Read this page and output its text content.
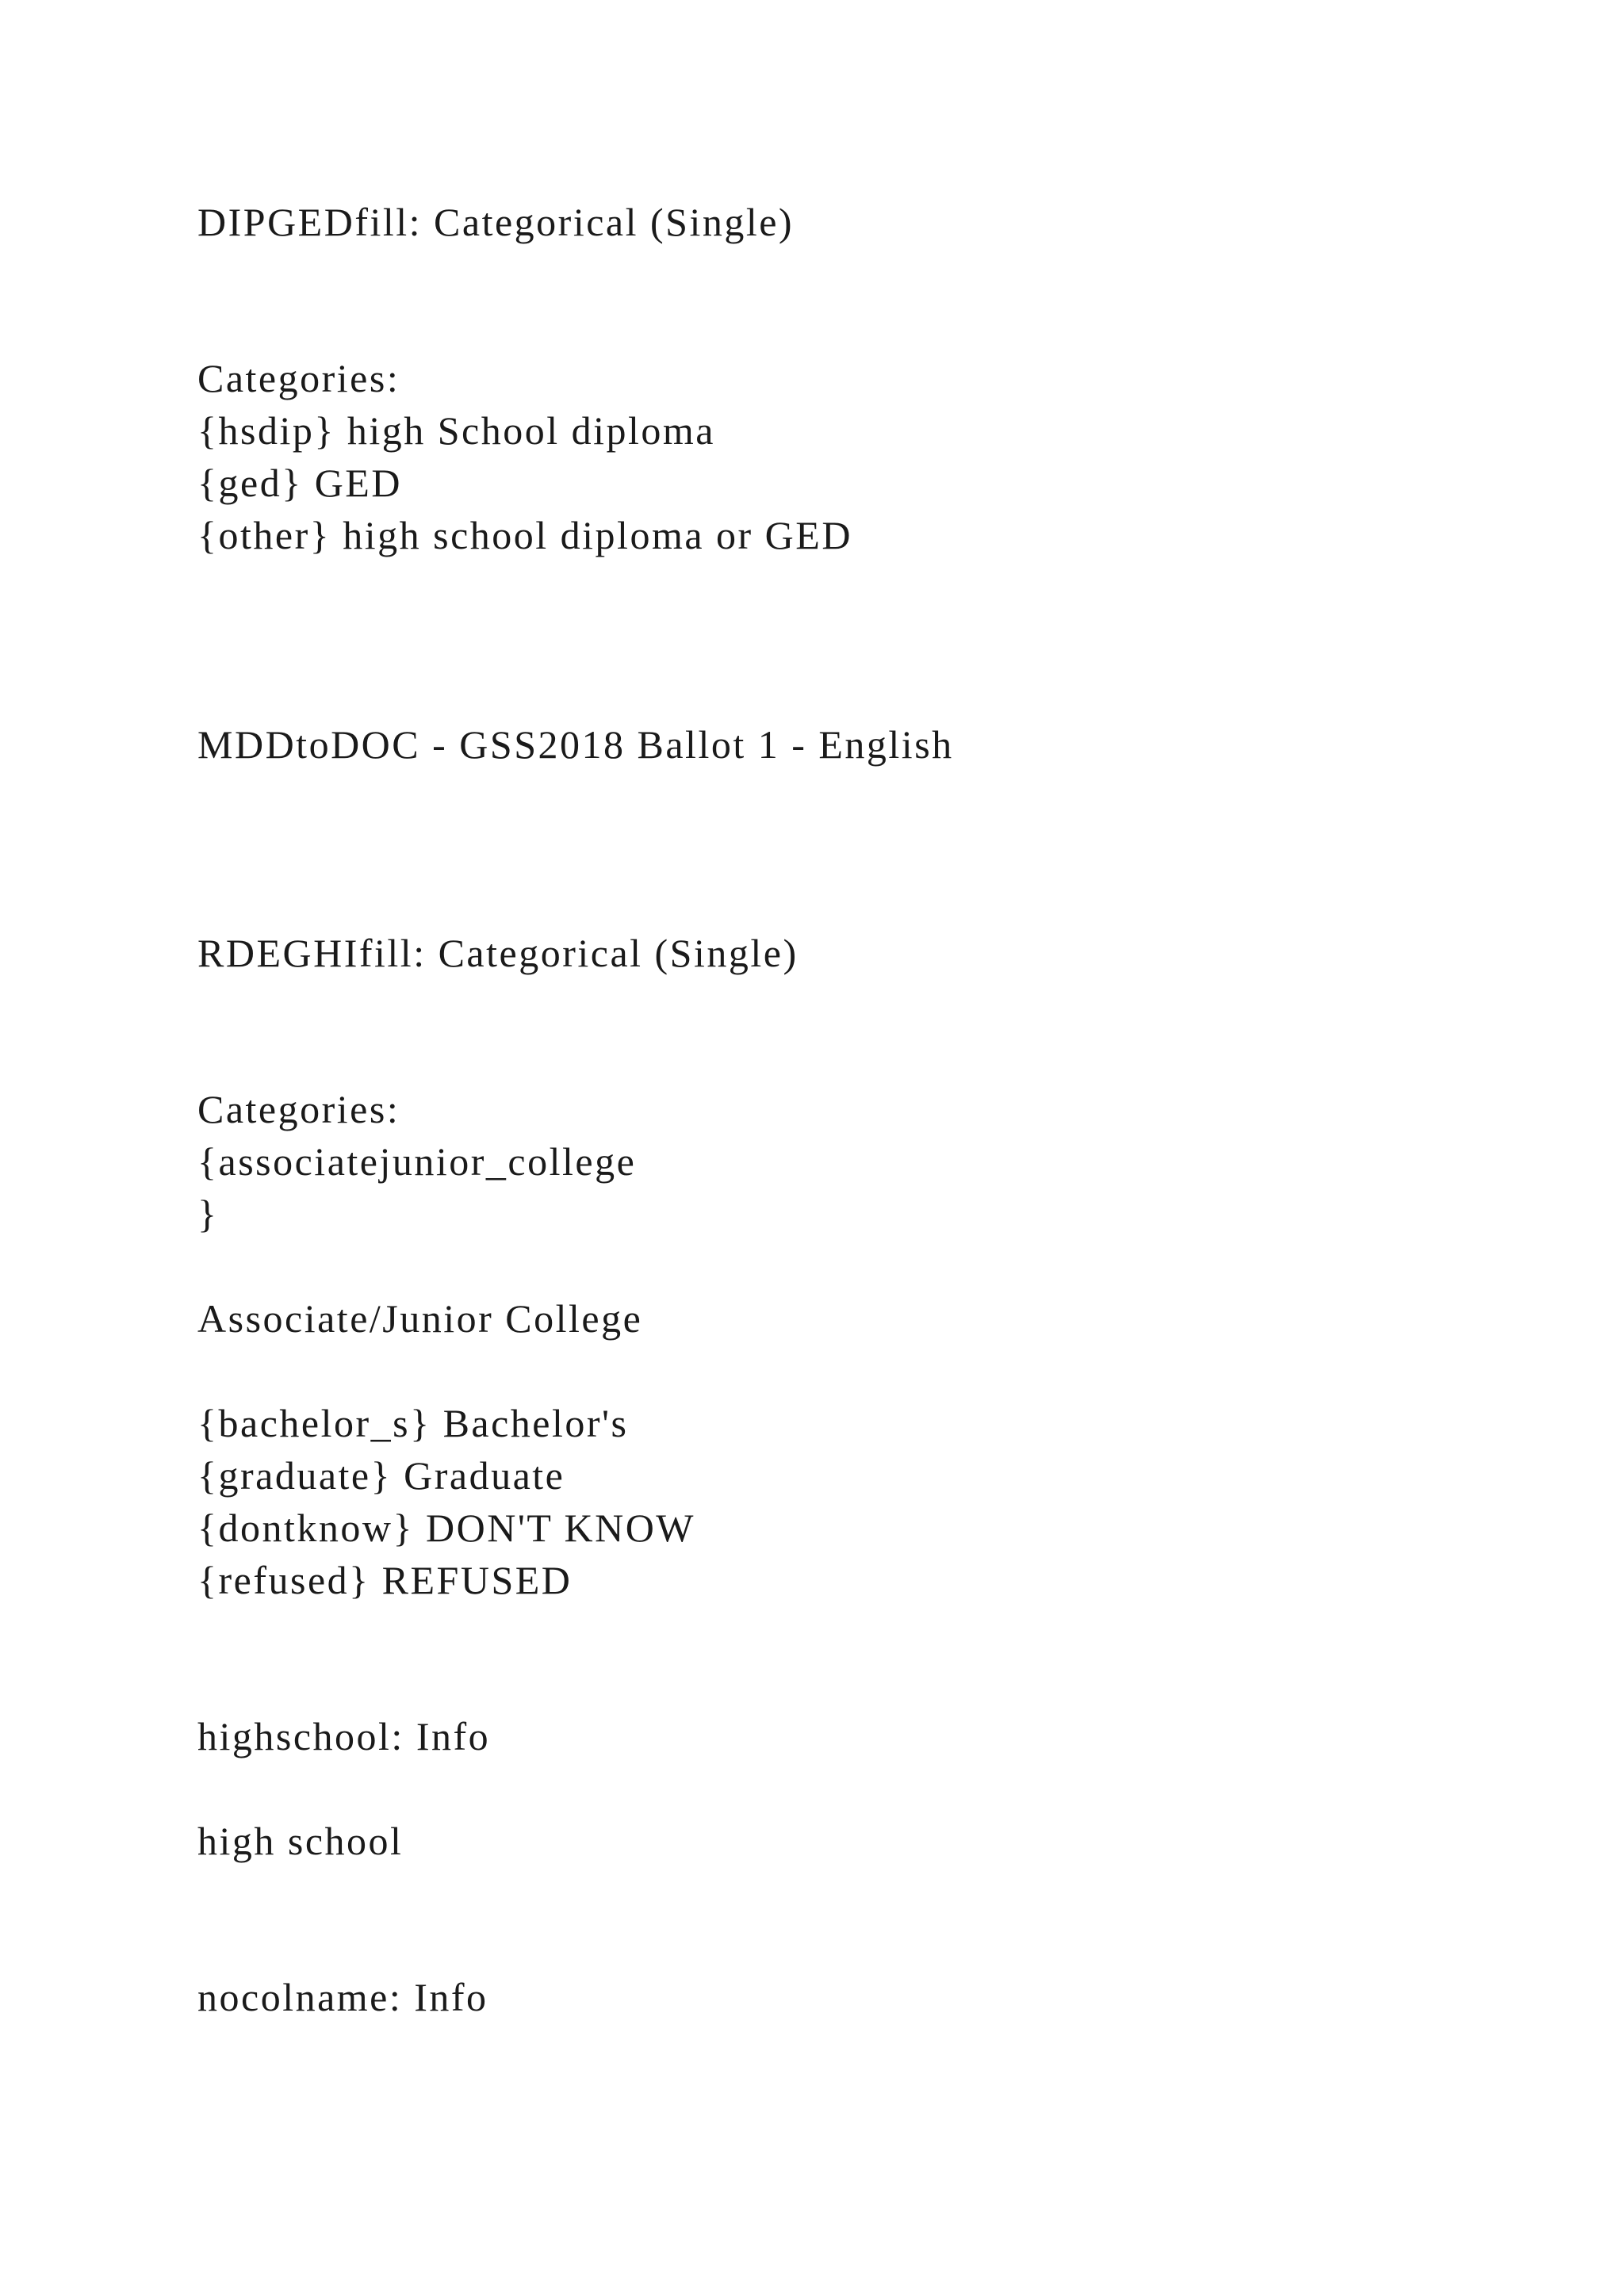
DIPGEDfill: Categorical (Single)

Categories:

{hsdip} high School diploma

{ged} GED

{other} high school diploma or GED

MDDtoDOC - GSS2018 Ballot 1 - English

RDEGHIfill: Categorical (Single)

Categories:

{associatejunior_college

}

Associate/Junior College

{bachelor_s} Bachelor's

{graduate} Graduate

{dontknow} DON'T KNOW

{refused} REFUSED

highschool: Info

high school

nocolname: Info
